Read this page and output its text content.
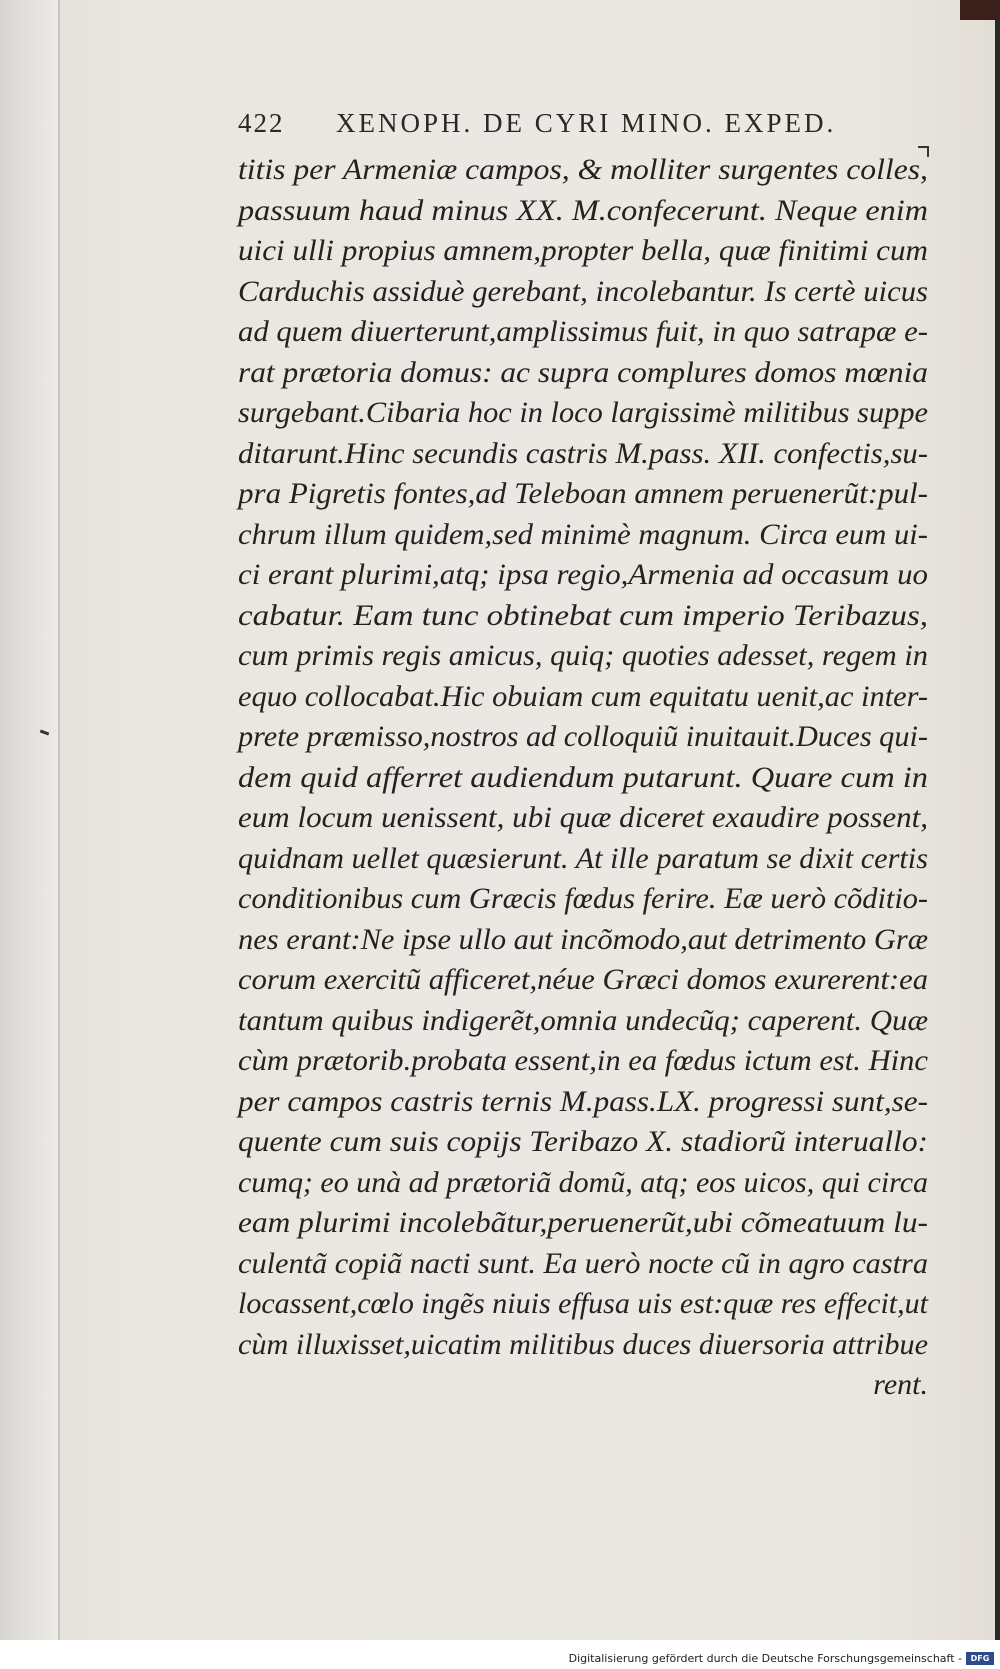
422 XENOPH. DE CYRI MINO. EXPED.
titis per Armeniæ campos, & molliter surgentes colles,
passuum haud minus XX. M.confecerunt. Neque enim
uici ulli propius amnem,propter bella, quæ finitimi cum
Carduchis assiduè gerebant, incolebantur. Is certè uicus
ad quem diuerterunt,amplissimus fuit, in quo satrapæ e-
rat prætoria domus: ac supra complures domos mœnia
surgebant.Cibaria hoc in loco largissimè militibus suppe
ditarunt.Hinc secundis castris M.pass. XII. confectis,su-
pra Pigretis fontes,ad Teleboan amnem peruenerũt:pul-
chrum illum quidem,sed minimè magnum. Circa eum ui-
ci erant plurimi,atq; ipsa regio,Armenia ad occasum uo
cabatur. Eam tunc obtinebat cum imperio Teribazus,
cum primis regis amicus, quiq; quoties adesset, regem in
equo collocabat.Hic obuiam cum equitatu uenit,ac inter-
prete præmisso,nostros ad colloquiũ inuitauit.Duces qui-
dem quid afferret audiendum putarunt. Quare cum in
eum locum uenissent, ubi quæ diceret exaudire possent,
quidnam uellet quæsierunt. At ille paratum se dixit certis
conditionibus cum Græcis fœdus ferire. Eæ uerò cõditio-
nes erant:Ne ipse ullo aut incõmodo,aut detrimento Græ
corum exercitũ afficeret,néue Græci domos exurerent:ea
tantum quibus indigerẽt,omnia undecũq; caperent. Quæ
cùm prætorib.probata essent,in ea fœdus ictum est. Hinc
per campos castris ternis M.pass.LX. progressi sunt,se-
quente cum suis copijs Teribazo X. stadiorũ interuallo:
cumq; eo unà ad prætoriã domũ, atq; eos uicos, qui circa
eam plurimi incolebãtur,peruenerũt,ubi cõmeatuum lu-
culentã copiã nacti sunt. Ea uerò nocte cũ in agro castra
locassent,cœlo ingẽs niuis effusa uis est:quæ res effecit,ut
cùm illuxisset,uicatim militibus duces diuersoria attribue
rent.
Digitalisierung gefördert durch die Deutsche Forschungsgemeinschaft -	DFG
